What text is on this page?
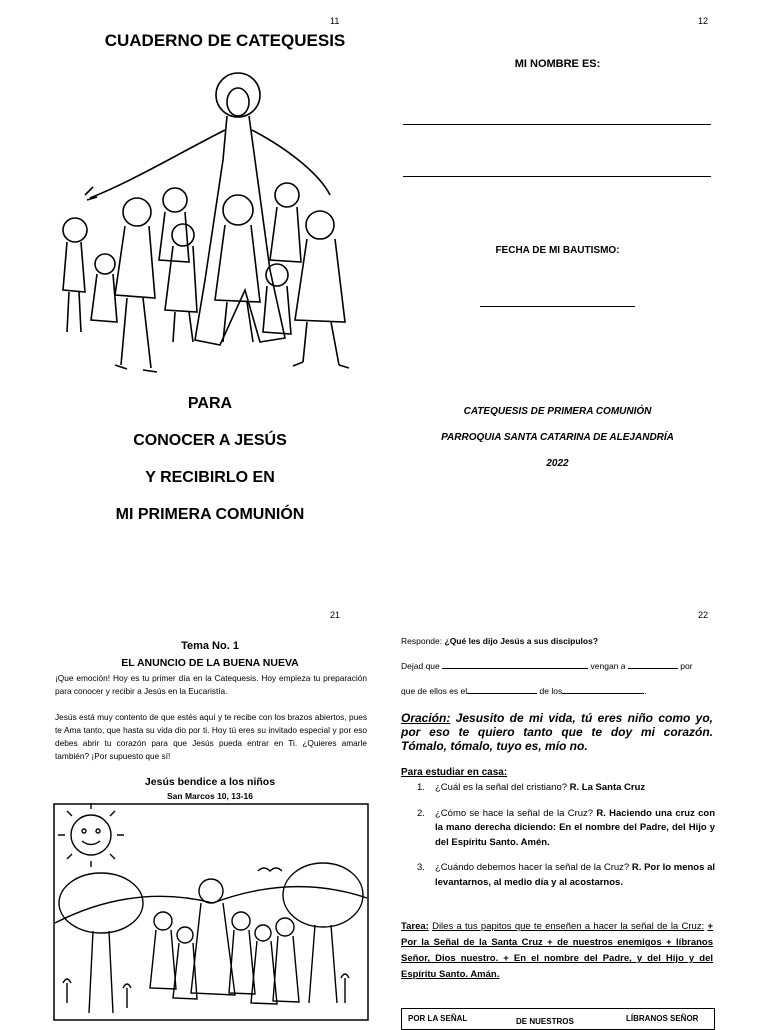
11
CUADERNO DE CATEQUESIS
PARA
CONOCER A JESÚS
Y RECIBIRLO EN
MI PRIMERA COMUNIÓN
12
MI NOMBRE ES:
FECHA DE MI BAUTISMO:
CATEQUESIS DE PRIMERA COMUNIÓN
PARROQUIA SANTA CATARINA DE ALEJANDRÍA
2022
21
Tema No. 1
EL ANUNCIO DE LA BUENA NUEVA
¡Que emoción! Hoy es tu primer día en la Catequesis. Hoy empieza tu preparación para conocer y recibir a Jesús en la Eucaristía.
Jesús está muy contento de que estés aquí y te recibe con los brazos abiertos, pues te Ama tanto, que hasta su vida dio por ti. Hoy tú eres su invitado especial y por eso debes abrir tu corazón para que Jesús pueda entrar en Ti. ¿Quieres amarle también? ¡Por supuesto que sí!
Jesús bendice a los niños
San Marcos 10, 13-16
22
Responde: ¿Qué les dijo Jesús a sus discípulos?
Dejad que	vengan a	por
que de ellos es el	de los	.
Oración: Jesusito de mi vida, tú eres niño como yo, por eso te quiero tanto que te doy mi corazón. Tómalo, tómalo, tuyo es, mío no.
Para estudiar en casa:
1.	¿Cuál es la señal del cristiano? R. La Santa Cruz
2.	¿Cómo se hace la señal de la Cruz? R. Haciendo una cruz con la mano derecha diciendo: En el nombre del Padre, del Hijo y del Espíritu Santo. Amén.
3.	¿Cuándo debemos hacer la señal de la Cruz? R. Por lo menos al levantarnos, al medio día y al acostarnos.
Tarea: Diles a tus papitos que te enseñen a hacer la señal de la Cruz: + Por la Señal de la Santa Cruz + de nuestros enemigos + líbranos Señor, Dios nuestro. + En el nombre del Padre, y del Hijo y del Espíritu Santo. Amán.
POR LA SEÑAL	DE NUESTROS	LÍBRANOS SEÑOR
